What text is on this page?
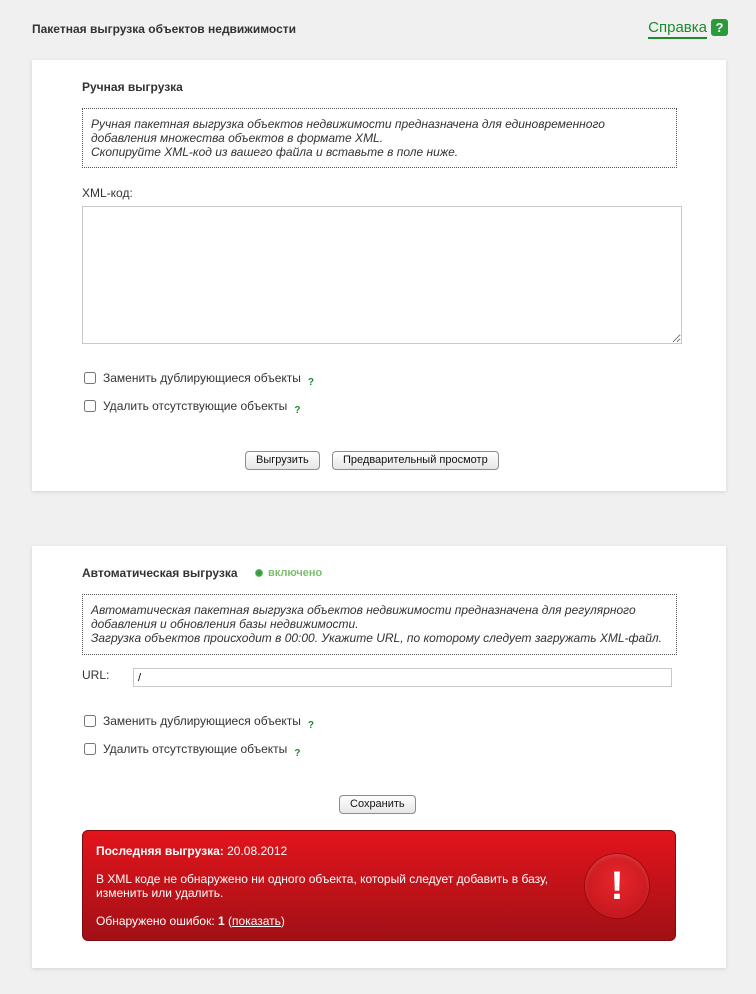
Пакетная выгрузка объектов недвижимости	Справка ?
Ручная выгрузка
Ручная пакетная выгрузка объектов недвижимости предназначена для единовременного
добавления множества объектов в формате XML.
Скопируйте XML-код из вашего файла и вставьте в поле ниже.
XML-код:
Заменить дублирующиеся объекты ?
Удалить отсутствующие объекты ?
Выгрузить	Предварительный просмотр
Автоматическая выгрузка	включено
Автоматическая пакетная выгрузка объектов недвижимости предназначена для регулярного
добавления и обновления базы недвижимости.
Загрузка объектов происходит в 00:00. Укажите URL, по которому следует загружать XML-файл.
URL:
/
Заменить дублирующиеся объекты ?
Удалить отсутствующие объекты ?
Сохранить
Последняя выгрузка: 20.08.2012
В XML коде не обнаружено ни одного объекта, который следует добавить в базу,
изменить или удалить.
Обнаружено ошибок: 1 (показать)
!
